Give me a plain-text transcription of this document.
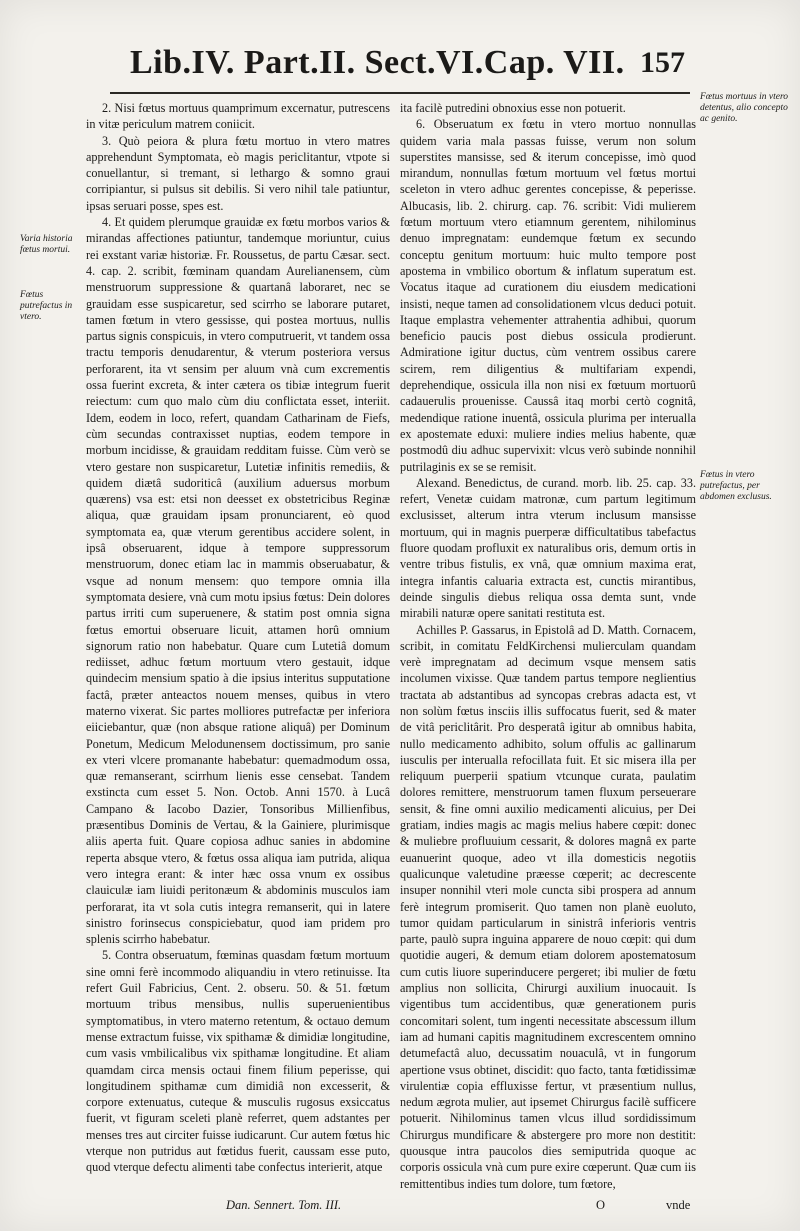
Lib.IV. Part.II. Sect.VI.Cap. VII. 157
Varia historia fœtus mortui.
Fœtus putrefactus in vtero.
Fœtus mortuus in vtero detentus, alio concepto ac genito.
Fœtus in vtero putrefactus, per abdomen exclusus.

2. Nisi fœtus mortuus quamprimum excernatur, putrescens in vitæ periculum matrem coniicit.

3. Quò peiora & plura fœtu mortuo in vtero matres apprehendunt Symptomata, eò magis periclitantur, vtpote si conuellantur, si tremant, si lethargo & somno graui corripiantur, si pulsus sit debilis. Si vero nihil tale patiuntur, ipsas seruari posse, spes est.

4. Et quidem plerumque grauidæ ex fœtu morbos varios & mirandas affectiones patiuntur, tandemque moriuntur, cuius rei exstant variæ historiæ. Fr. Roussetus, de partu Cæsar. sect. 4. cap. 2. scribit, fœminam quandam Aurelianensem, cùm menstruorum suppressione & quartanâ laboraret, nec se grauidam esse suspicaretur, sed scirrho se laborare putaret, tamen fœtum in vtero gessisse, qui postea mortuus, nullis partus signis conspicuis, in vtero computruerit, vt tandem ossa tractu temporis denudarentur, & vterum posteriora versus perforarent, ita vt sensim per aluum vnà cum excrementis ossa fuerint excreta, & inter cætera os tibiæ integrum fuerit reiectum: cum quo malo cùm diu conflictata esset, interiit. Idem, eodem in loco, refert, quandam Catharinam de Fiefs, cùm secundas contraxisset nuptias, eodem tempore in morbum incidisse, & grauidam redditam fuisse. Cùm verò se vtero gestare non suspicaretur, Lutetiæ infinitis remediis, & quidem diætâ sudoriticâ (auxilium aduersus morbum quærens) vsa est: etsi non deesset ex obstetricibus Reginæ aliqua, quæ grauidam ipsam pronunciarent, eò quod symptomata ea, quæ vterum gerentibus accidere solent, in ipsâ obseruarent, idque à tempore suppressorum menstruorum, donec etiam lac in mammis obseruabatur, & vsque ad nonum mensem: quo tempore omnia illa symptomata desiere, vnà cum motu ipsius fœtus: Dein dolores partus irriti cum superuenere, & statim post omnia signa fœtus emortui obseruare licuit, attamen horû omnium signorum ratio non habebatur. Quare cum Lutetiâ domum rediisset, adhuc fœtum mortuum vtero gestauit, idque quindecim mensium spatio à die ipsius interitus supputatione factâ, præter anteactos nouem menses, quibus in vtero materno vixerat. Sic partes molliores putrefactæ per inferiora eiiciebantur, quæ (non absque ratione aliquâ) per Dominum Ponetum, Medicum Melodunensem doctissimum, pro sanie ex vteri vlcere promanante habebatur: quemadmodum ossa, quæ remanserant, scirrhum lienis esse censebat. Tandem exstincta cum esset 5. Non. Octob. Anni 1570. à Lucâ Campano & Iacobo Dazier, Tonsoribus Millienfibus, præsentibus Dominis de Vertau, & la Gainiere, plurimisque aliis aperta fuit. Quare copiosa adhuc sanies in abdomine reperta absque vtero, & fœtus ossa aliqua iam putrida, aliqua vero integra erant: & inter hæc ossa vnum ex ossibus clauiculæ iam liuidi peritonæum & abdominis musculos iam perforarat, ita vt sola cutis integra remanserit, qui in latere sinistro forinsecus conspiciebatur, quod iam pridem pro splenis scirrho habebatur.

5. Contra obseruatum, fœminas quasdam fœtum mortuum sine omni ferè incommodo aliquandiu in vtero retinuisse. Ita refert Guil Fabricius, Cent. 2. obseru. 50. & 51. fœtum mortuum tribus mensibus, nullis superuenientibus symptomatibus, in vtero materno retentum, & octauo demum mense extractum fuisse, vix spithamæ & dimidiæ longitudine, cum vasis vmbilicalibus vix spithamæ longitudine. Et aliam quamdam circa mensis octaui finem filium peperisse, qui longitudinem spithamæ cum dimidiâ non excesserit, & corpore extenuatus, cuteque & musculis rugosus exsiccatus fuerit, vt figuram sceleti planè referret, quem adstantes per menses tres aut circiter fuisse iudicarunt. Cur autem fœtus hic vterque non putridus aut fœtidus fuerit, caussam esse puto, quod vterque defectu alimenti tabe confectus interierit, atque

ita facilè putredini obnoxius esse non potuerit.

6. Obseruatum ex fœtu in vtero mortuo nonnullas quidem varia mala passas fuisse, verum non solum superstites mansisse, sed & iterum concepisse, imò quod mirandum, nonnullas fœtum mortuum vel fœtus mortui sceleton in vtero adhuc gerentes concepisse, & peperisse. Albucasis, lib. 2. chirurg. cap. 76. scribit: Vidi mulierem fœtum mortuum vtero etiamnum gerentem, nihilominus denuo impregnatam: eundemque fœtum ex secundo conceptu genitum mortuum: huic multo tempore post apostema in vmbilico obortum & inflatum superatum est. Vocatus itaque ad curationem diu eiusdem medicationi insisti, neque tamen ad consolidationem vlcus deduci potuit. Itaque emplastra vehementer attrahentia adhibui, quorum beneficio paucis post diebus ossicula prodierunt. Admiratione igitur ductus, cùm ventrem ossibus carere scirem, rem diligentius & multifariam expendi, deprehendique, ossicula illa non nisi ex fœtuum mortuorû cadauerulis prouenisse. Caussâ itaq morbi certò cognitâ, medendique ratione inuentâ, ossicula plurima per interualla ex apostemate eduxi: muliere indies melius habente, quæ postmodû diu adhuc supervixit: vlcus verò subinde nonnihil putrilaginis ex se se remisit.

Alexand. Benedictus, de curand. morb. lib. 25. cap. 33. refert, Venetæ cuidam matronæ, cum partum legitimum exclusisset, alterum intra vterum inclusum mansisse mortuum, qui in magnis puerperæ difficultatibus tabefactus fluore quodam profluxit ex naturalibus oris, demum ortis in ventre tribus fistulis, ex vnâ, quæ omnium maxima erat, integra infantis caluaria extracta est, cunctis mirantibus, deinde singulis diebus reliqua ossa demta sunt, vnde mirabili naturæ opere sanitati restituta est.

Achilles P. Gassarus, in Epistolâ ad D. Matth. Cornacem, scribit, in comitatu FeldKirchensi mulierculam quandam verè impregnatam ad decimum vsque mensem satis incolumen vixisse. Quæ tandem partus tempore neglientius tractata ab adstantibus ad syncopas crebras adacta est, vt non solùm fœtus insciis illis suffocatus fuerit, sed & mater de vitâ periclitârit. Pro desperatâ igitur ab omnibus habita, nullo medicamento adhibito, solum offulis ac gallinarum iusculis per interualla refocillata fuit. Et sic misera illa per reliquum puerperii spatium vtcunque curata, paulatim dolores remittere, menstruorum tamen fluxum perseuerare sensit, & fine omni auxilio medicamenti alicuius, per Dei gratiam, indies magis ac magis melius habere cœpit: donec & muliebre profluuium cessarit, & dolores magnâ ex parte euanuerint quoque, adeo vt illa domesticis negotiis qualicunque valetudine præesse cœperit; ac decrescente insuper nonnihil vteri mole cuncta sibi prospera ad annum ferè integrum promiserit. Quo tamen non planè euoluto, tumor quidam particularum in sinistrâ inferioris ventris parte, paulò supra inguina apparere de nouo cœpit: qui dum quotidie augeri, & demum etiam dolorem apostematosum cum cutis liuore superinducere pergeret; ibi mulier de fœtu amplius non sollicita, Chirurgi auxilium inuocauit. Is vigentibus tum accidentibus, quæ generationem puris concomitari solent, tum ingenti necessitate abscessum illum iam ad humani capitis magnitudinem excrescentem omnino detumefactâ aluo, decussatim nouaculâ, vt in fungorum apertione vsus obtinet, discidit: quo facto, tanta fœtidissimæ virulentiæ copia effluxisse fertur, vt præsentium nullus, nedum ægrota mulier, aut ipsemet Chirurgus facilè sufficere potuerit. Nihilominus tamen vlcus illud sordidissimum Chirurgus mundificare & abstergere pro more non destitit: quousque intra paucolos dies semiputrida quoque ac corporis ossicula vnà cum pure exire cœperunt. Quæ cum iis remittentibus indies tum dolore, tum fœtore,

Dan. Sennert. Tom. III.	O	vnde
